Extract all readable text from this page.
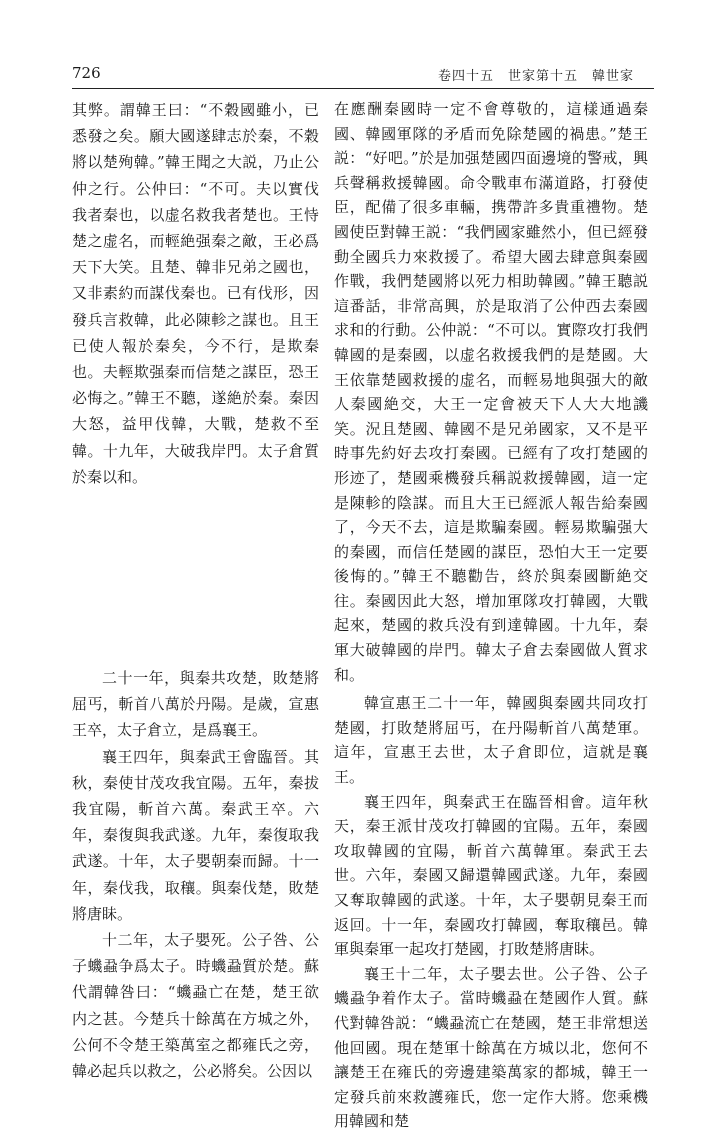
726	卷四十五　世家第十五　韓世家

其弊。謂韓王曰：“不穀國雖小，已悉發之矣。願大國遂肆志於秦，不穀將以楚殉韓。”韓王聞之大説，乃止公仲之行。公仲曰：“不可。夫以實伐我者秦也，以虚名救我者楚也。王恃楚之虚名，而輕絶强秦之敵，王必爲天下大笑。且楚、韓非兄弟之國也，又非素約而謀伐秦也。已有伐形，因發兵言救韓，此必陳軫之謀也。且王已使人報於秦矣，今不行，是欺秦也。夫輕欺强秦而信楚之謀臣，恐王必悔之。”韓王不聽，遂絶於秦。秦因大怒，益甲伐韓，大戰，楚救不至韓。十九年，大破我岸門。太子倉質於秦以和。

二十一年，與秦共攻楚，敗楚將屈丐，斬首八萬於丹陽。是歲，宣惠王卒，太子倉立，是爲襄王。

襄王四年，與秦武王會臨晉。其秋，秦使甘茂攻我宜陽。五年，秦拔我宜陽，斬首六萬。秦武王卒。六年，秦復與我武遂。九年，秦復取我武遂。十年，太子嬰朝秦而歸。十一年，秦伐我，取穰。與秦伐楚，敗楚將唐眛。

十二年，太子嬰死。公子咎、公子蟣蝨争爲太子。時蟣蝨質於楚。蘇代謂韓咎曰：“蟣蝨亡在楚，楚王欲内之甚。今楚兵十餘萬在方城之外，公何不令楚王築萬室之都雍氏之旁，韓必起兵以救之，公必將矣。公因以

在應酬秦國時一定不會尊敬的，這樣通過秦國、韓國軍隊的矛盾而免除楚國的禍患。”楚王説：“好吧。”於是加强楚國四面邊境的警戒，興兵聲稱救援韓國。命令戰車布滿道路，打發使臣，配備了很多車輛，携帶許多貴重禮物。楚國使臣對韓王説：“我們國家雖然小，但已經發動全國兵力來救援了。希望大國去肆意與秦國作戰，我們楚國將以死力相助韓國。”韓王聽説這番話，非常高興，於是取消了公仲西去秦國求和的行動。公仲説：“不可以。實際攻打我們韓國的是秦國，以虚名救援我們的是楚國。大王依靠楚國救援的虚名，而輕易地與强大的敵人秦國絶交，大王一定會被天下人大大地譏笑。況且楚國、韓國不是兄弟國家，又不是平時事先約好去攻打秦國。已經有了攻打楚國的形迹了，楚國乘機發兵稱説救援韓國，這一定是陳軫的陰謀。而且大王已經派人報告給秦國了，今天不去，這是欺騙秦國。輕易欺騙强大的秦國，而信任楚國的謀臣，恐怕大王一定要後悔的。”韓王不聽勸告，終於與秦國斷絶交往。秦國因此大怒，增加軍隊攻打韓國，大戰起來，楚國的救兵没有到達韓國。十九年，秦軍大破韓國的岸門。韓太子倉去秦國做人質求和。

韓宣惠王二十一年，韓國與秦國共同攻打楚國，打敗楚將屈丐，在丹陽斬首八萬楚軍。這年，宣惠王去世，太子倉即位，這就是襄王。

襄王四年，與秦武王在臨晉相會。這年秋天，秦王派甘茂攻打韓國的宜陽。五年，秦國攻取韓國的宜陽，斬首六萬韓軍。秦武王去世。六年，秦國又歸還韓國武遂。九年，秦國又奪取韓國的武遂。十年，太子嬰朝見秦王而返回。十一年，秦國攻打韓國，奪取穰邑。韓軍與秦軍一起攻打楚國，打敗楚將唐眛。

襄王十二年，太子嬰去世。公子咎、公子蟣蝨争着作太子。當時蟣蝨在楚國作人質。蘇代對韓咎説：“蟣蝨流亡在楚國，楚王非常想送他回國。現在楚軍十餘萬在方城以北，您何不讓楚王在雍氏的旁邊建築萬家的都城，韓王一定發兵前來救護雍氏，您一定作大將。您乘機用韓國和楚
